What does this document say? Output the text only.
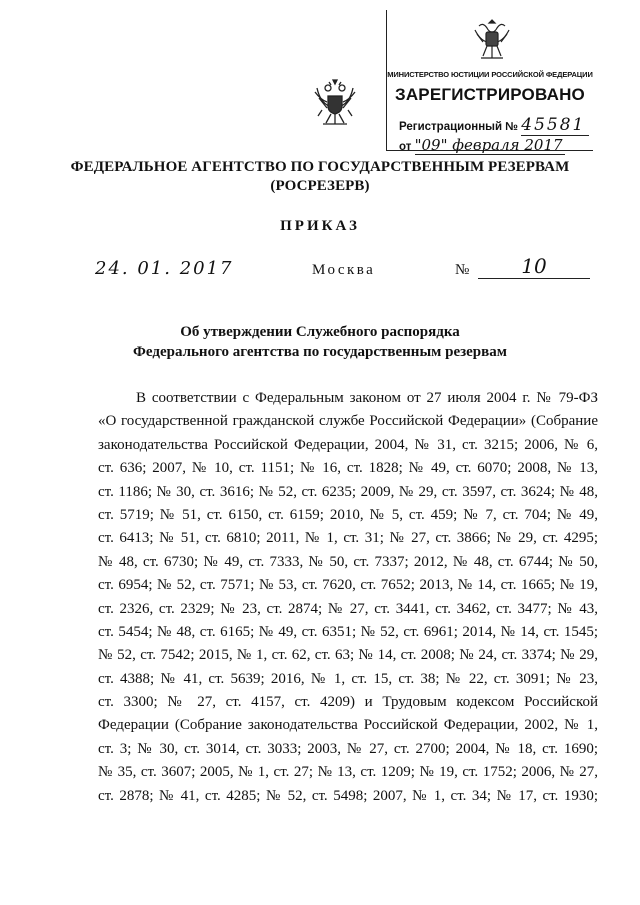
МИНИСТЕРСТВО ЮСТИЦИИ РОССИЙСКОЙ ФЕДЕРАЦИИ
ЗАРЕГИСТРИРОВАНО
Регистрационный № 45581
от "09" февраля 2017
ФЕДЕРАЛЬНОЕ АГЕНТСТВО ПО ГОСУДАРСТВЕННЫМ РЕЗЕРВАМ
(РОСРЕЗЕРВ)
ПРИКАЗ
24. 01. 2017	Москва	№	10
Об утверждении Служебного распорядка
Федерального агентства по государственным резервам
В соответствии с Федеральным законом от 27 июля 2004 г. № 79-ФЗ
«О государственной гражданской службе Российской Федерации» (Собрание
законодательства Российской Федерации, 2004, № 31, ст. 3215; 2006, № 6,
ст. 636; 2007, № 10, ст. 1151; № 16, ст. 1828; № 49, ст. 6070; 2008, № 13,
ст. 1186; № 30, ст. 3616; № 52, ст. 6235; 2009, № 29, ст. 3597, ст. 3624; № 48,
ст. 5719; № 51, ст. 6150, ст. 6159; 2010, № 5, ст. 459; № 7, ст. 704; № 49,
ст. 6413; № 51, ст. 6810; 2011, № 1, ст. 31; № 27, ст. 3866; № 29, ст. 4295;
№ 48, ст. 6730; № 49, ст. 7333, № 50, ст. 7337; 2012, № 48, ст. 6744; № 50,
ст. 6954; № 52, ст. 7571; № 53, ст. 7620, ст. 7652; 2013, № 14, ст. 1665; № 19,
ст. 2326, ст. 2329; № 23, ст. 2874; № 27, ст. 3441, ст. 3462, ст. 3477; № 43,
ст. 5454; № 48, ст. 6165; № 49, ст. 6351; № 52, ст. 6961; 2014, № 14, ст. 1545;
№ 52, ст. 7542; 2015, № 1, ст. 62, ст. 63; № 14, ст. 2008; № 24, ст. 3374; № 29,
ст. 4388; № 41, ст. 5639; 2016, № 1, ст. 15, ст. 38; № 22, ст. 3091; № 23,
ст. 3300; № 27, ст. 4157, ст. 4209) и Трудовым кодексом Российской
Федерации (Собрание законодательства Российской Федерации, 2002, № 1,
ст. 3; № 30, ст. 3014, ст. 3033; 2003, № 27, ст. 2700; 2004, № 18, ст. 1690;
№ 35, ст. 3607; 2005, № 1, ст. 27; № 13, ст. 1209; № 19, ст. 1752; 2006, № 27,
ст. 2878; № 41, ст. 4285; № 52, ст. 5498; 2007, № 1, ст. 34; № 17, ст. 1930;
